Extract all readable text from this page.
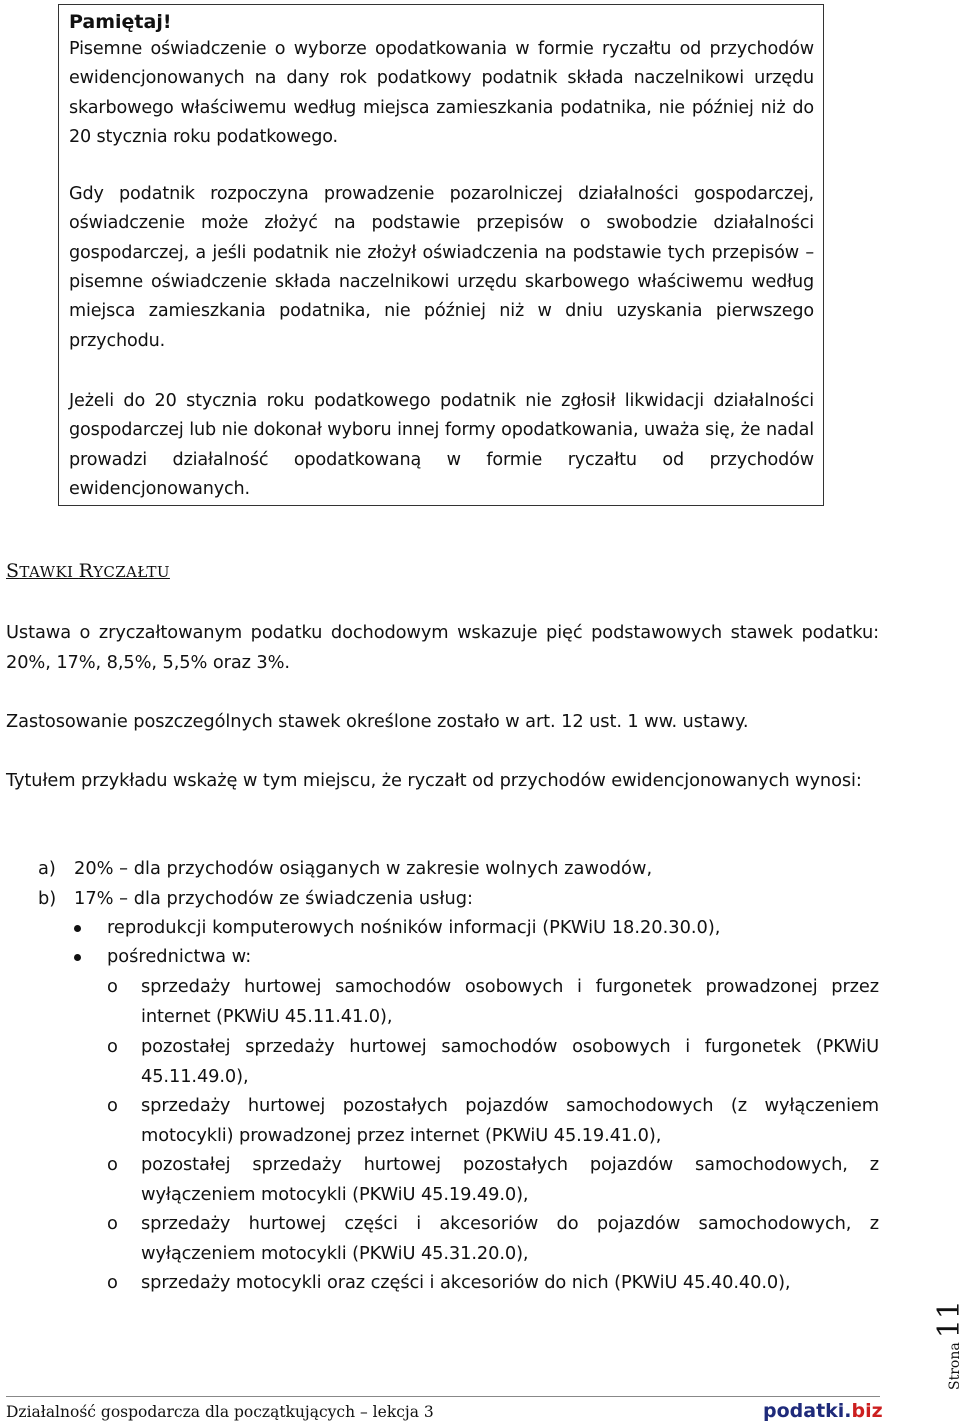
Pamiętaj!

Pisemne oświadczenie o wyborze opodatkowania w formie ryczałtu od przychodów ewidencjonowanych na dany rok podatkowy podatnik składa naczelnikowi urzędu skarbowego właściwemu według miejsca zamieszkania podatnika, nie później niż do 20 stycznia roku podatkowego.

Gdy podatnik rozpoczyna prowadzenie pozarolniczej działalności gospodarczej, oświadczenie może złożyć na podstawie przepisów o swobodzie działalności gospodarczej, a jeśli podatnik nie złożył oświadczenia na podstawie tych przepisów – pisemne oświadczenie składa naczelnikowi urzędu skarbowego właściwemu według miejsca zamieszkania podatnika, nie później niż w dniu uzyskania pierwszego przychodu.

Jeżeli do 20 stycznia roku podatkowego podatnik nie zgłosił likwidacji działalności gospodarczej lub nie dokonał wyboru innej formy opodatkowania, uważa się, że nadal prowadzi działalność opodatkowaną w formie ryczałtu od przychodów ewidencjonowanych.

STAWKI RYCZAŁTU

Ustawa o zryczałtowanym podatku dochodowym wskazuje pięć podstawowych stawek podatku: 20%, 17%, 8,5%, 5,5% oraz 3%.

Zastosowanie poszczególnych stawek określone zostało w art. 12 ust. 1 ww. ustawy.

Tytułem przykładu wskażę w tym miejscu, że ryczałt od przychodów ewidencjonowanych wynosi:

a) 20% – dla przychodów osiąganych w zakresie wolnych zawodów,

b) 17% – dla przychodów ze świadczenia usług:

reprodukcji komputerowych nośników informacji (PKWiU 18.20.30.0),

pośrednictwa w:

o sprzedaży hurtowej samochodów osobowych i furgonetek prowadzonej przez internet (PKWiU 45.11.41.0),

o pozostałej sprzedaży hurtowej samochodów osobowych i furgonetek (PKWiU 45.11.49.0),

o sprzedaży hurtowej pozostałych pojazdów samochodowych (z wyłączeniem motocykli) prowadzonej przez internet (PKWiU 45.19.41.0),

o pozostałej sprzedaży hurtowej pozostałych pojazdów samochodowych, z wyłączeniem motocykli (PKWiU 45.19.49.0),

o sprzedaży hurtowej części i akcesoriów do pojazdów samochodowych, z wyłączeniem motocykli (PKWiU 45.31.20.0),

o sprzedaży motocykli oraz części i akcesoriów do nich (PKWiU 45.40.40.0),

Strona11
Działalność gospodarcza dla początkujących – lekcja 3	podatki.biz
